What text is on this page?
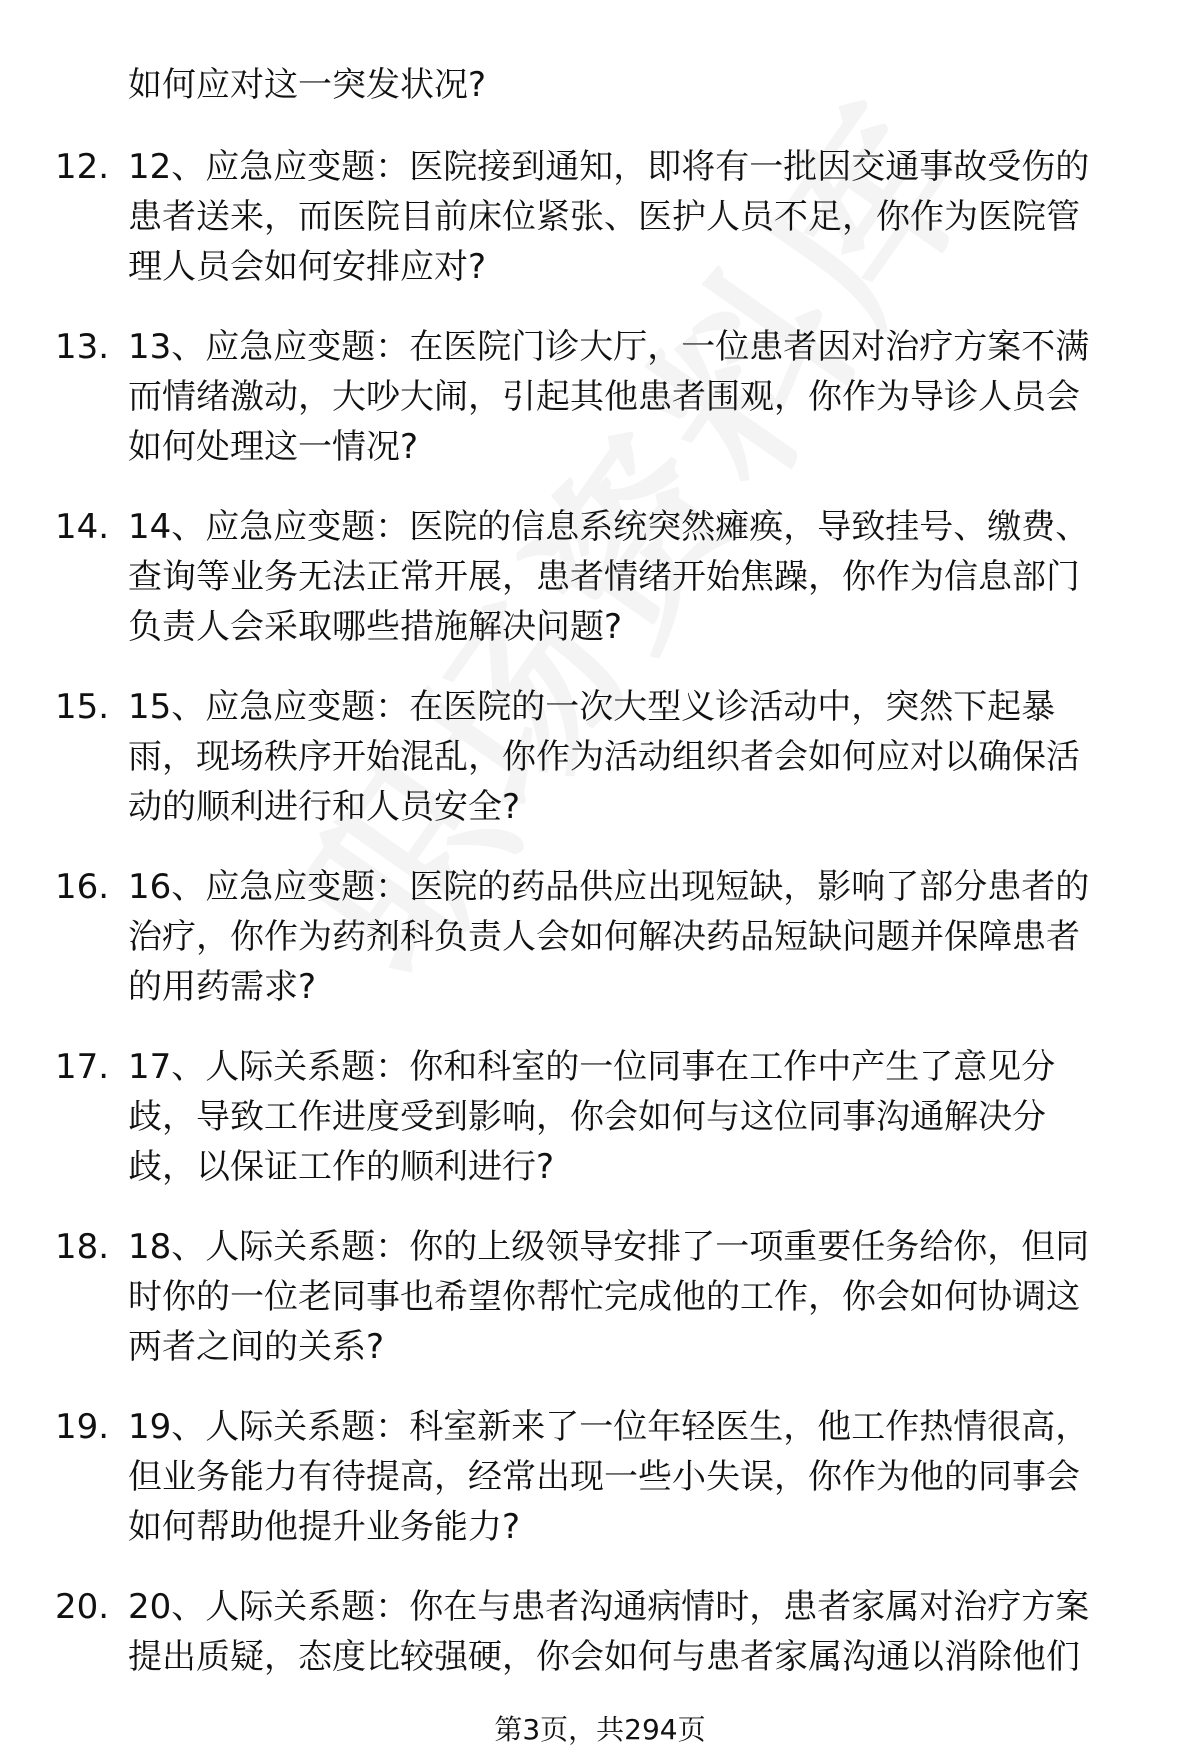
如何应对这一突发状况?
12. 12、应急应变题：医院接到通知，即将有一批因交通事故受伤的
患者送来，而医院目前床位紧张、医护人员不足，你作为医院管
理人员会如何安排应对?
13. 13、应急应变题：在医院门诊大厅，一位患者因对治疗方案不满
而情绪激动，大吵大闹，引起其他患者围观，你作为导诊人员会
如何处理这一情况?
14. 14、应急应变题：医院的信息系统突然瘫痪，导致挂号、缴费、
查询等业务无法正常开展，患者情绪开始焦躁，你作为信息部门
负责人会采取哪些措施解决问题?
15. 15、应急应变题：在医院的一次大型义诊活动中，突然下起暴
雨，现场秩序开始混乱，你作为活动组织者会如何应对以确保活
动的顺利进行和人员安全?
16. 16、应急应变题：医院的药品供应出现短缺，影响了部分患者的
治疗，你作为药剂科负责人会如何解决药品短缺问题并保障患者
的用药需求?
17. 17、人际关系题：你和科室的一位同事在工作中产生了意见分
歧，导致工作进度受到影响，你会如何与这位同事沟通解决分
歧，以保证工作的顺利进行?
18. 18、人际关系题：你的上级领导安排了一项重要任务给你，但同
时你的一位老同事也希望你帮忙完成他的工作，你会如何协调这
两者之间的关系?
19. 19、人际关系题：科室新来了一位年轻医生，他工作热情很高，
但业务能力有待提高，经常出现一些小失误，你作为他的同事会
如何帮助他提升业务能力?
20. 20、人际关系题：你在与患者沟通病情时，患者家属对治疗方案
提出质疑，态度比较强硬，你会如何与患者家属沟通以消除他们
第3页，共294页
